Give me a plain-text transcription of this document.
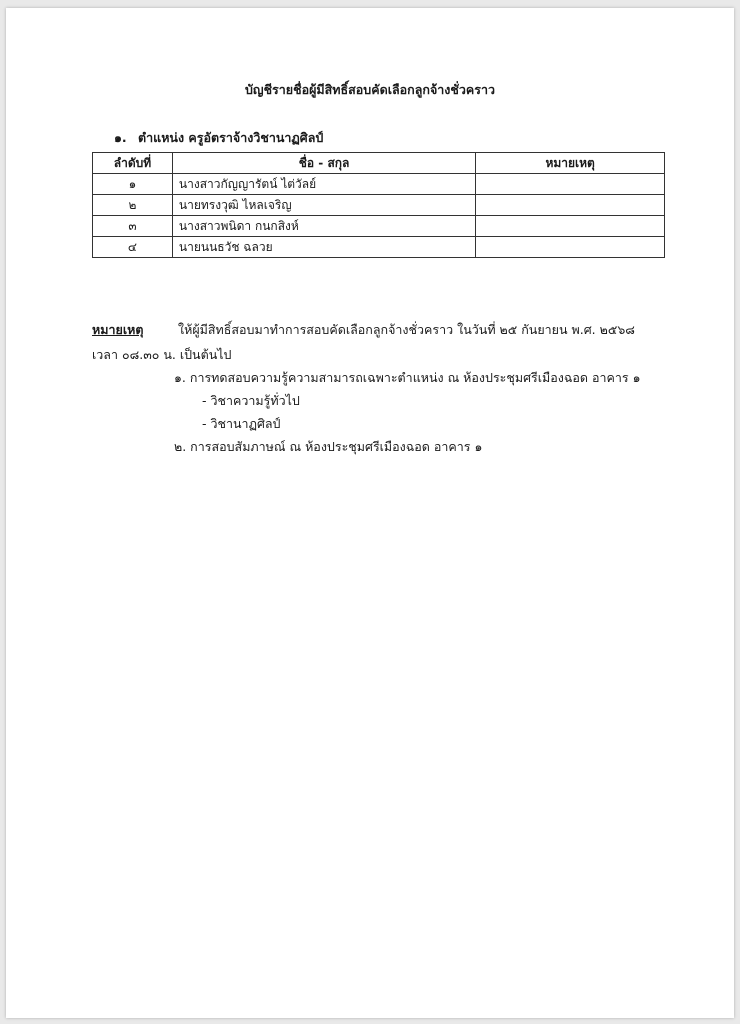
บัญชีรายชื่อผู้มีสิทธิ์สอบคัดเลือกลูกจ้างชั่วคราว
๑. ตำแหน่ง ครูอัตราจ้างวิชานาฏศิลป์
ลำดับที่	ชื่อ - สกุล	หมายเหตุ
๑	นางสาวกัญญารัตน์ ไต่วัลย์	
๒	นายทรงวุฒิ ไหลเจริญ	
๓	นางสาวพนิดา กนกสิงห์	
๔	นายนนธวัช ฉลวย	
หมายเหตุ	ให้ผู้มีสิทธิ์สอบมาทำการสอบคัดเลือกลูกจ้างชั่วคราว ในวันที่ ๒๕ กันยายน พ.ศ. ๒๕๖๘
เวลา ๐๘.๓๐ น. เป็นต้นไป
๑. การทดสอบความรู้ความสามารถเฉพาะตำแหน่ง ณ ห้องประชุมศรีเมืองฉอด อาคาร ๑
- วิชาความรู้ทั่วไป
- วิชานาฏศิลป์
๒. การสอบสัมภาษณ์ ณ ห้องประชุมศรีเมืองฉอด อาคาร ๑
